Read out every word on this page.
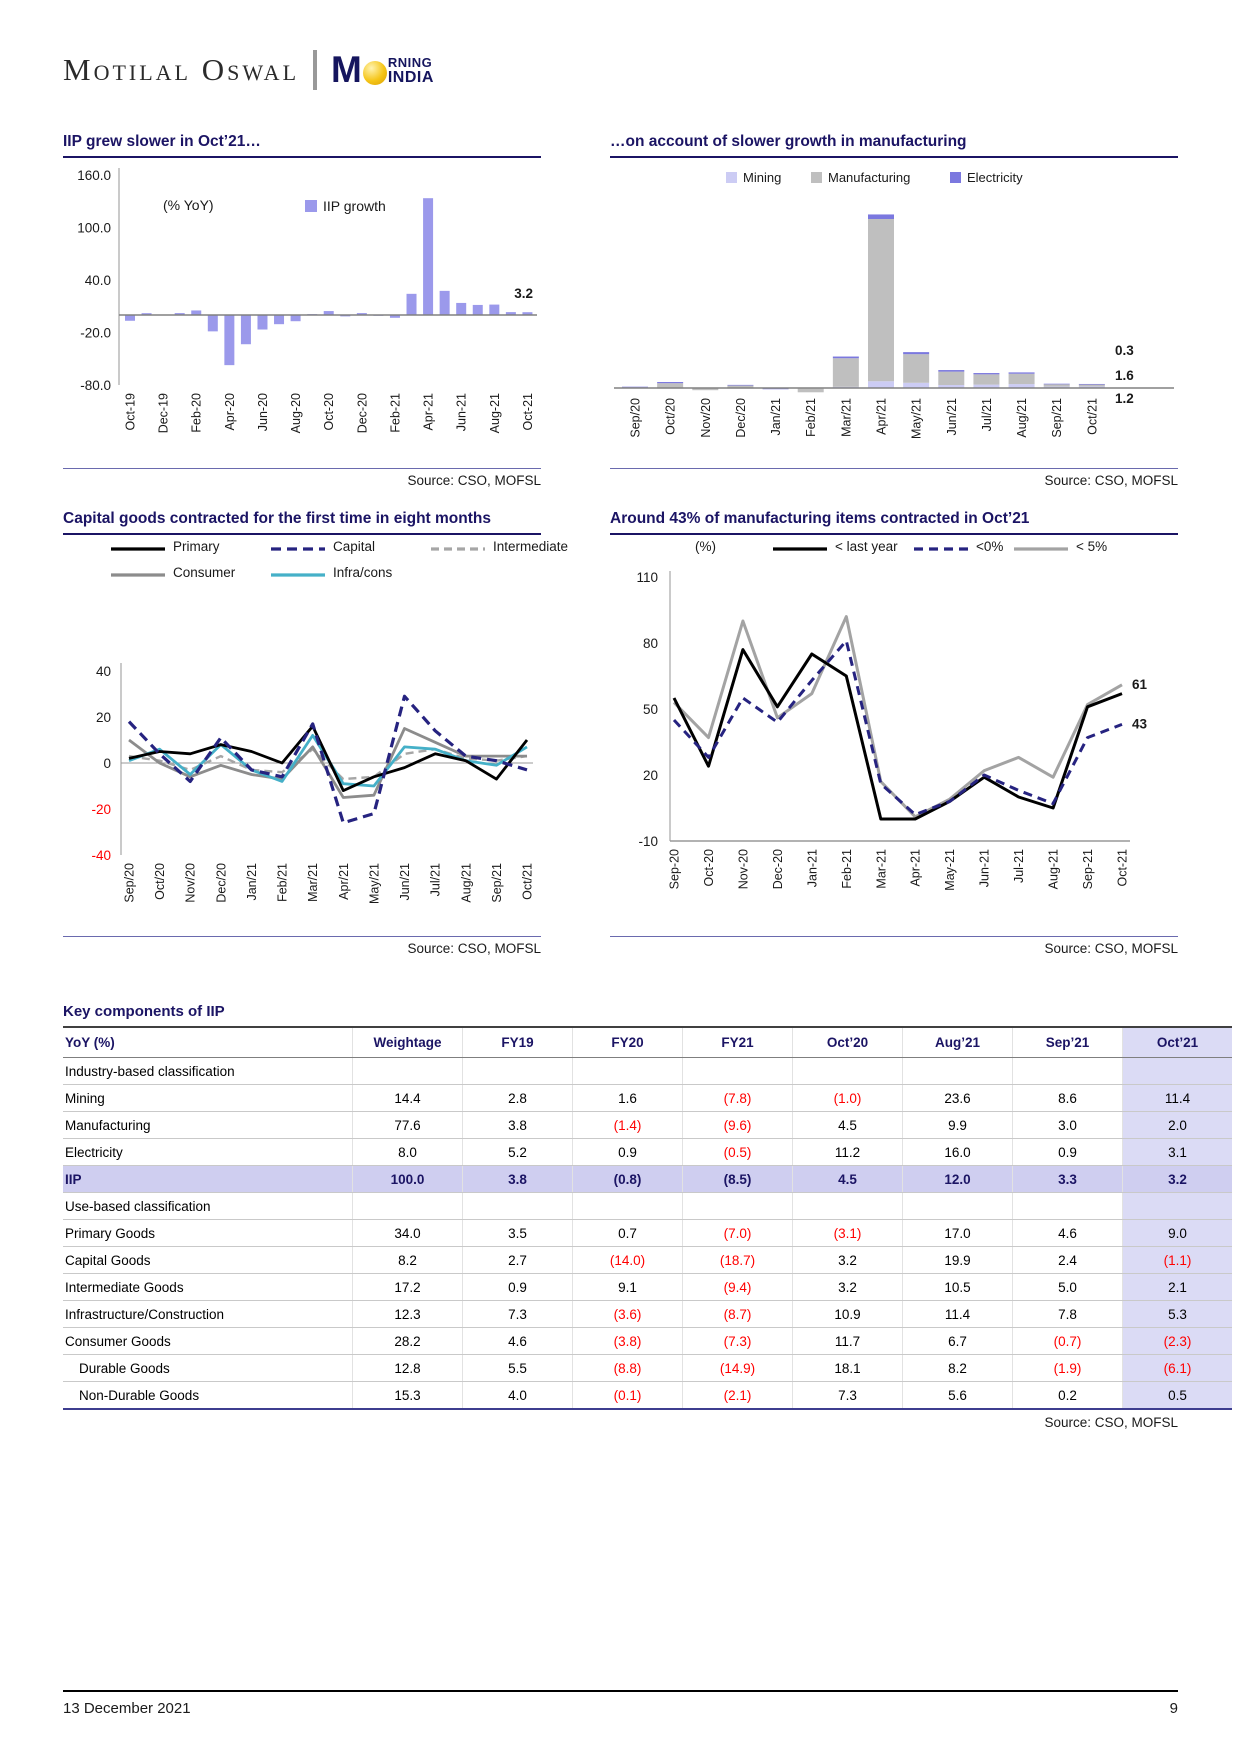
Motilal Oswal M RNING
INDIA
IIP grew slower in Oct’21…
160.0
100.0
40.0
-20.0
-80.0
Oct-19 Dec-19 Feb-20 Apr-20 Jun-20 Aug-20 Oct-20 Dec-20 Feb-21 Apr-21 Jun-21 Aug-21 Oct-21
(% YoY)	IIP growth
3.2
Source: CSO, MOFSL
…on account of slower growth in manufacturing
Mining	Manufacturing	Electricity
Sep/20 Oct/20 Nov/20 Dec/20 Jan/21 Feb/21 Mar/21 Apr/21 May/21 Jun/21 Jul/21 Aug/21 Sep/21 Oct/21
0.3
1.6
1.2
Source: CSO, MOFSL
Capital goods contracted for the first time in eight months
Primary	Capital	Intermediate
Consumer	Infra/cons
40
20
0
-20
-40
Sep/20 Oct/20 Nov/20 Dec/20 Jan/21 Feb/21 Mar/21 Apr/21 May/21 Jun/21 Jul/21 Aug/21 Sep/21 Oct/21
Source: CSO, MOFSL
Around 43% of manufacturing items contracted in Oct’21
(%)	< last year	<0%	< 5%
110
80
50
20
-10
61
43
Sep-20 Oct-20 Nov-20 Dec-20 Jan-21 Feb-21 Mar-21 Apr-21 May-21 Jun-21 Jul-21 Aug-21 Sep-21 Oct-21
Source: CSO, MOFSL
Key components of IIP
YoY (%)	Weightage	FY19	FY20	FY21	Oct’20	Aug’21	Sep’21	Oct’21
Industry-based classification								
Mining	14.4	2.8	1.6	(7.8)	(1.0)	23.6	8.6	11.4
Manufacturing	77.6	3.8	(1.4)	(9.6)	4.5	9.9	3.0	2.0
Electricity	8.0	5.2	0.9	(0.5)	11.2	16.0	0.9	3.1
IIP	100.0	3.8	(0.8)	(8.5)	4.5	12.0	3.3	3.2
Use-based classification								
Primary Goods	34.0	3.5	0.7	(7.0)	(3.1)	17.0	4.6	9.0
Capital Goods	8.2	2.7	(14.0)	(18.7)	3.2	19.9	2.4	(1.1)
Intermediate Goods	17.2	0.9	9.1	(9.4)	3.2	10.5	5.0	2.1
Infrastructure/Construction	12.3	7.3	(3.6)	(8.7)	10.9	11.4	7.8	5.3
Consumer Goods	28.2	4.6	(3.8)	(7.3)	11.7	6.7	(0.7)	(2.3)
Durable Goods	12.8	5.5	(8.8)	(14.9)	18.1	8.2	(1.9)	(6.1)
Non-Durable Goods	15.3	4.0	(0.1)	(2.1)	7.3	5.6	0.2	0.5
Source: CSO, MOFSL
13 December 2021	9
